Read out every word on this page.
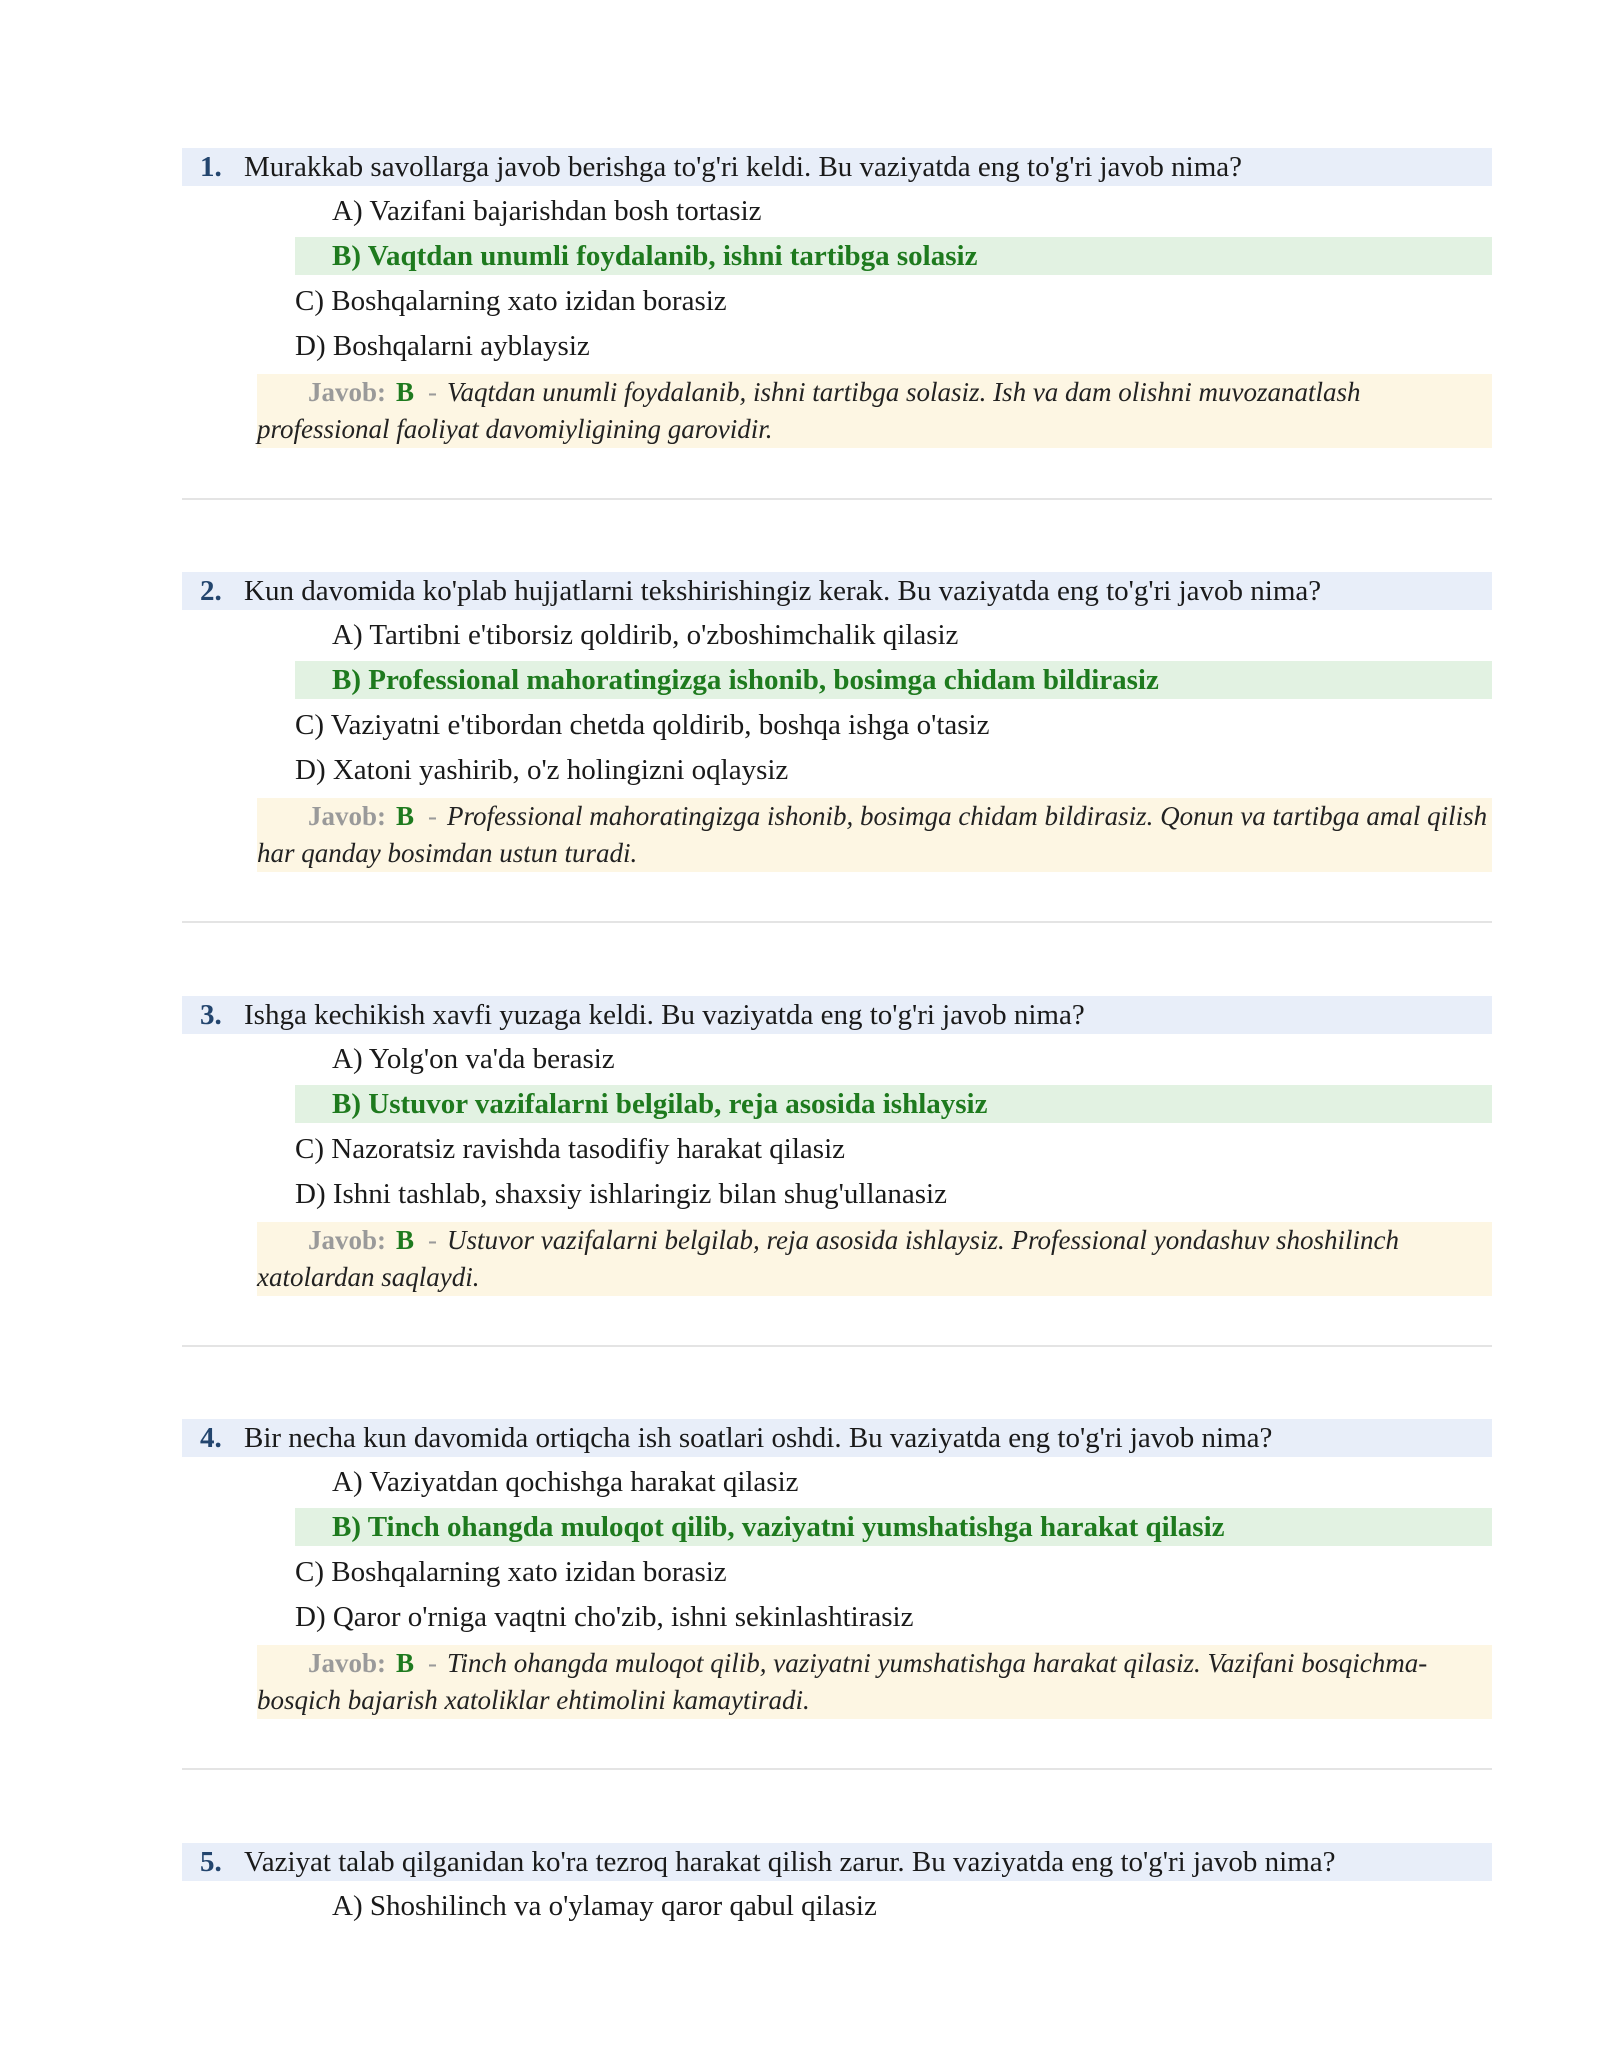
1. Murakkab savollarga javob berishga to'g'ri keldi. Bu vaziyatda eng to'g'ri javob nima?
A) Vazifani bajarishdan bosh tortasiz
B) Vaqtdan unumli foydalanib, ishni tartibga solasiz
C) Boshqalarning xato izidan borasiz
D) Boshqalarni ayblaysiz
Javob: B - Vaqtdan unumli foydalanib, ishni tartibga solasiz. Ish va dam olishni muvozanatlash professional faoliyat davomiyligining garovidir.
2. Kun davomida ko'plab hujjatlarni tekshirishingiz kerak. Bu vaziyatda eng to'g'ri javob nima?
A) Tartibni e'tiborsiz qoldirib, o'zboshimchalik qilasiz
B) Professional mahoratingizga ishonib, bosimga chidam bildirasiz
C) Vaziyatni e'tibordan chetda qoldirib, boshqa ishga o'tasiz
D) Xatoni yashirib, o'z holingizni oqlaysiz
Javob: B - Professional mahoratingizga ishonib, bosimga chidam bildirasiz. Qonun va tartibga amal qilish har qanday bosimdan ustun turadi.
3. Ishga kechikish xavfi yuzaga keldi. Bu vaziyatda eng to'g'ri javob nima?
A) Yolg'on va'da berasiz
B) Ustuvor vazifalarni belgilab, reja asosida ishlaysiz
C) Nazoratsiz ravishda tasodifiy harakat qilasiz
D) Ishni tashlab, shaxsiy ishlaringiz bilan shug'ullanasiz
Javob: B - Ustuvor vazifalarni belgilab, reja asosida ishlaysiz. Professional yondashuv shoshilinch xatolardan saqlaydi.
4. Bir necha kun davomida ortiqcha ish soatlari oshdi. Bu vaziyatda eng to'g'ri javob nima?
A) Vaziyatdan qochishga harakat qilasiz
B) Tinch ohangda muloqot qilib, vaziyatni yumshatishga harakat qilasiz
C) Boshqalarning xato izidan borasiz
D) Qaror o'rniga vaqtni cho'zib, ishni sekinlashtirasiz
Javob: B - Tinch ohangda muloqot qilib, vaziyatni yumshatishga harakat qilasiz. Vazifani bosqichma-bosqich bajarish xatoliklar ehtimolini kamaytiradi.
5. Vaziyat talab qilganidan ko'ra tezroq harakat qilish zarur. Bu vaziyatda eng to'g'ri javob nima?
A) Shoshilinch va o'ylamay qaror qabul qilasiz
